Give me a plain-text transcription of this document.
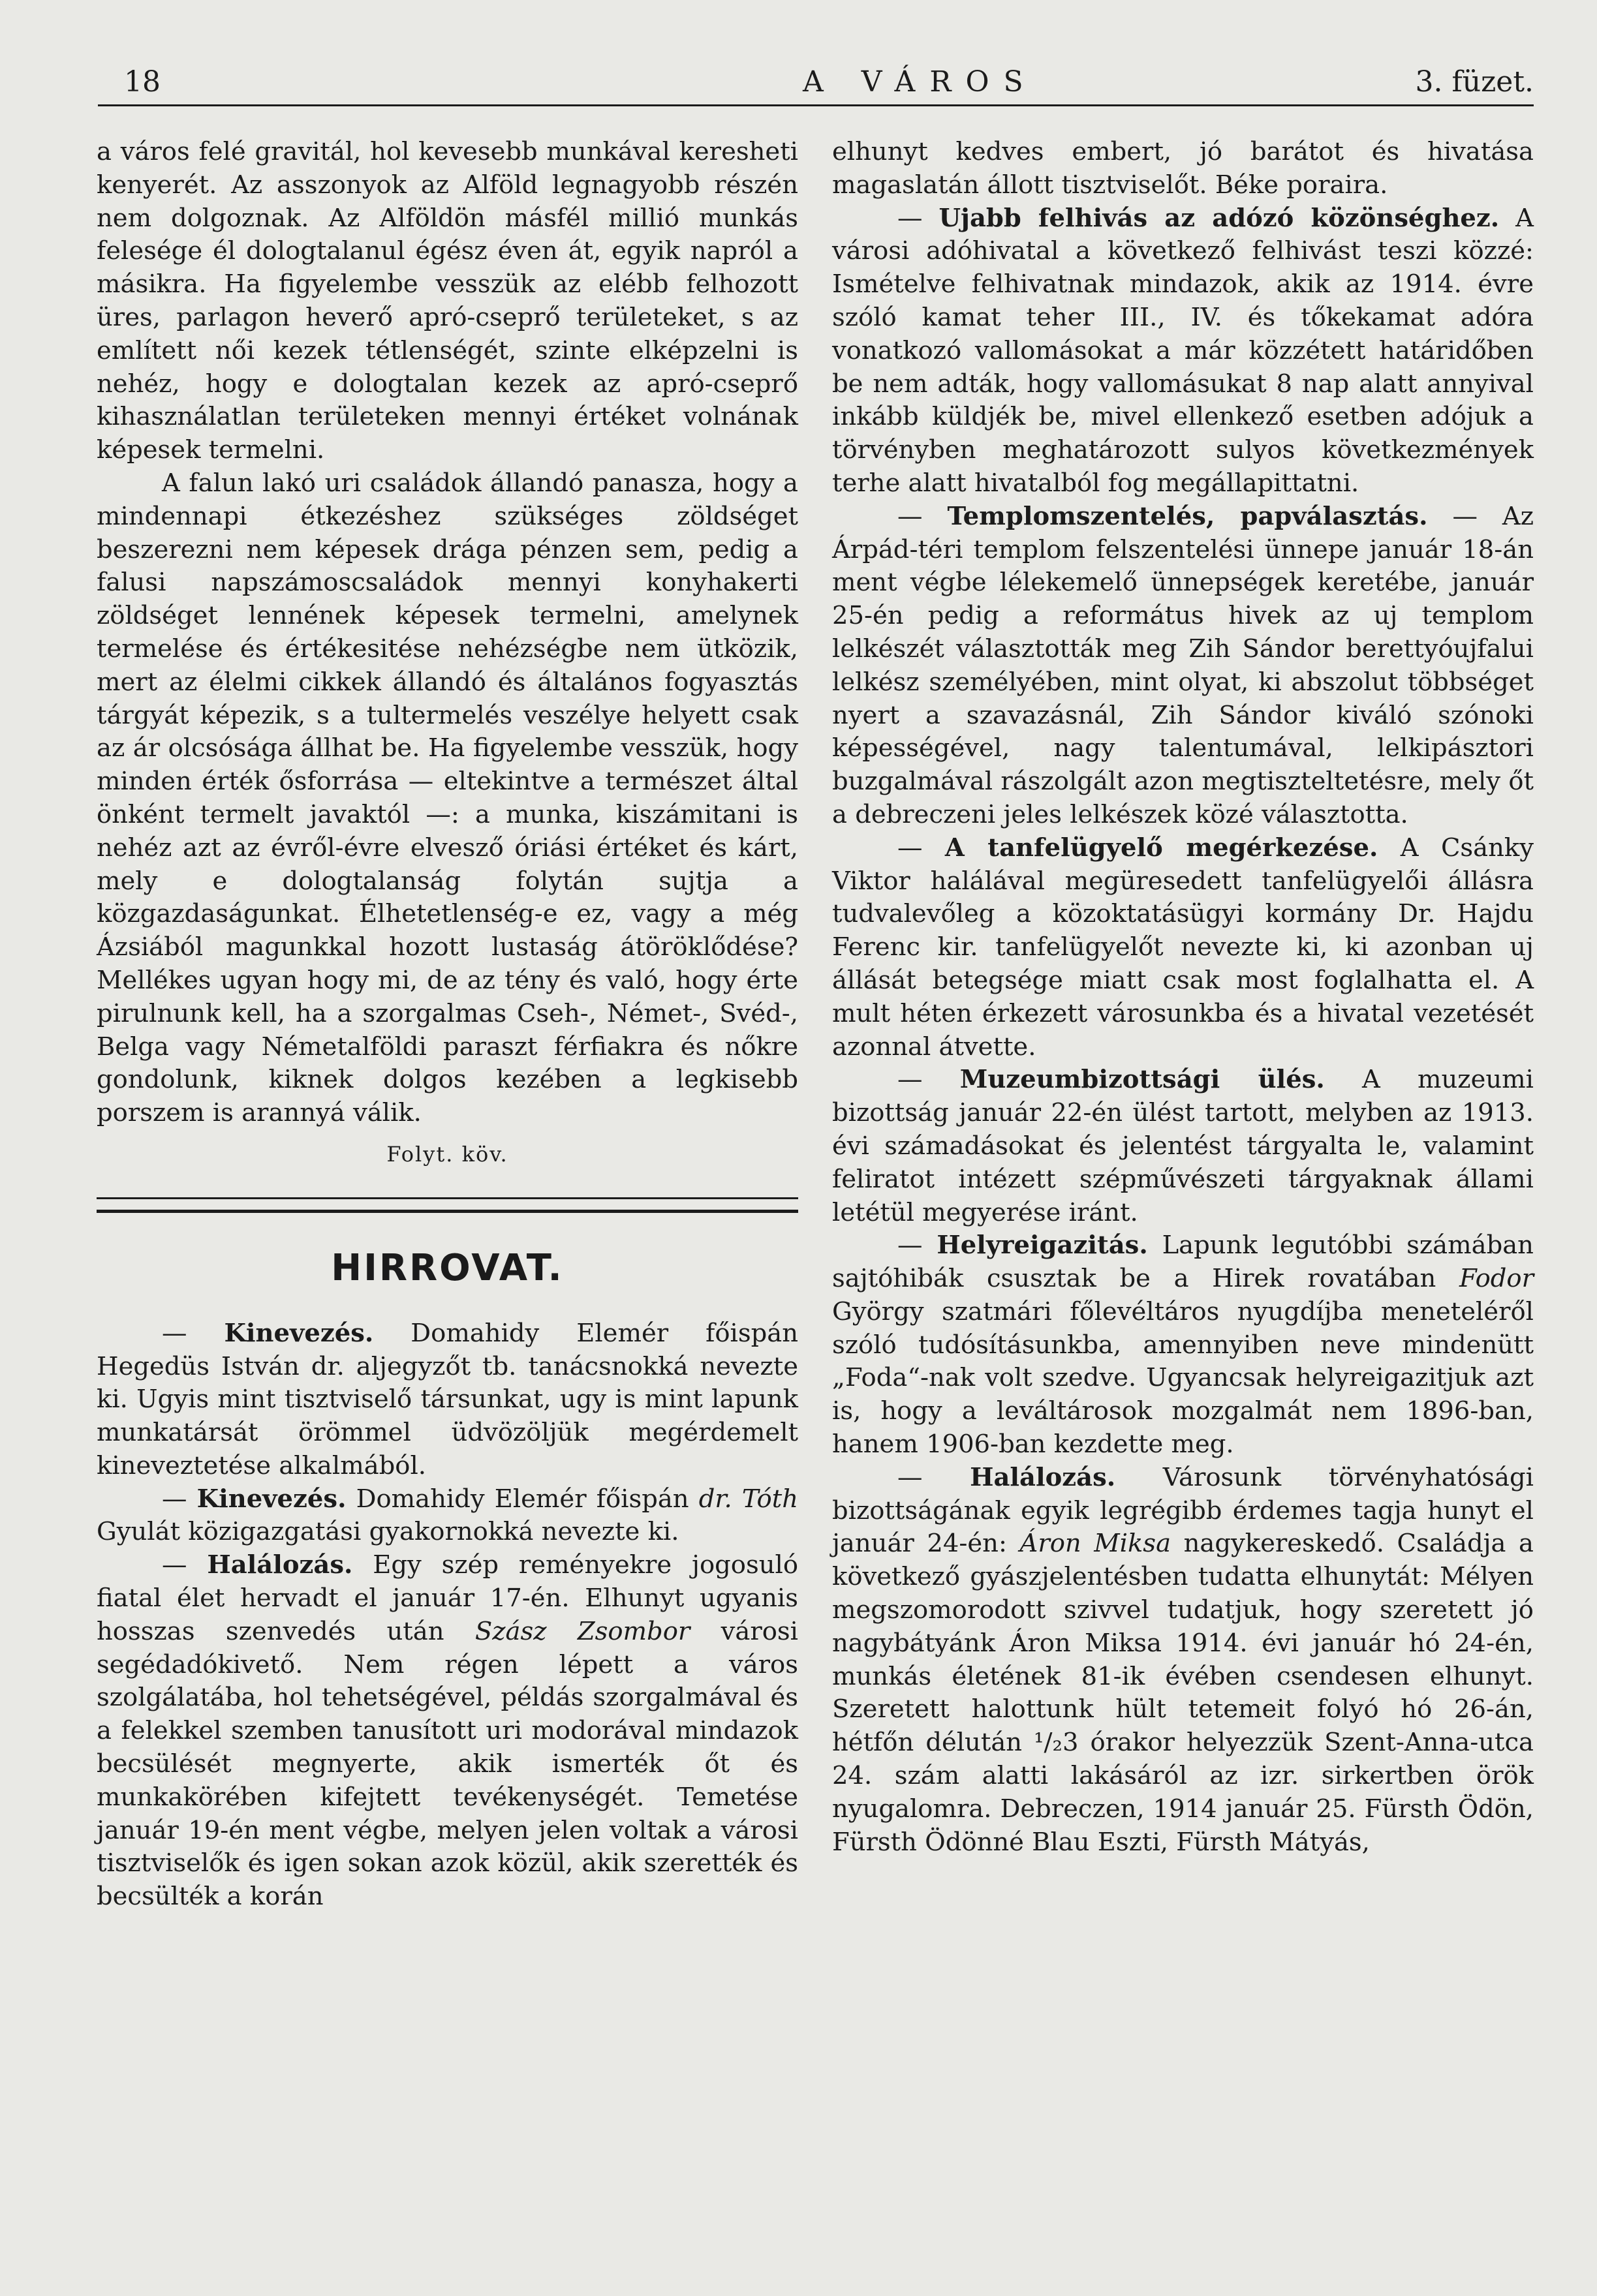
18	A VÁROS	3. füzet.

a város felé gravitál, hol kevesebb munkával keresheti kenyerét. Az asszonyok az Alföld legnagyobb részén nem dolgoznak. Az Alföldön másfél millió munkás felesége él dologtalanul égész éven át, egyik napról a másikra. Ha figyelembe vesszük az elébb felhozott üres, parlagon heverő apró-cseprő területeket, s az említett női kezek tétlenségét, szinte elképzelni is nehéz, hogy e dologtalan kezek az apró-cseprő kihasználatlan területeken mennyi értéket volnának képesek termelni.

A falun lakó uri családok állandó panasza, hogy a mindennapi étkezéshez szükséges zöldséget beszerezni nem képesek drága pénzen sem, pedig a falusi napszámoscsaládok mennyi konyhakerti zöldséget lennének képesek termelni, amelynek termelése és értékesitése nehézségbe nem ütközik, mert az élelmi cikkek állandó és általános fogyasztás tárgyát képezik, s a tultermelés veszélye helyett csak az ár olcsósága állhat be. Ha figyelembe vesszük, hogy minden érték ősforrása — eltekintve a természet által önként termelt javaktól —: a munka, kiszámitani is nehéz azt az évről-évre elvesző óriási értéket és kárt, mely e dologtalanság folytán sujtja a közgazdaságunkat. Élhetetlenség-e ez, vagy a még Ázsiából magunkkal hozott lustaság átöröklődése? Mellékes ugyan hogy mi, de az tény és való, hogy érte pirulnunk kell, ha a szorgalmas Cseh-, Német-, Svéd-, Belga vagy Németalföldi paraszt férfiakra és nőkre gondolunk, kiknek dolgos kezében a legkisebb porszem is arannyá válik.

Folyt. köv.
HIRROVAT.

— Kinevezés. Domahidy Elemér főispán Hegedüs István dr. aljegyzőt tb. tanácsnokká nevezte ki. Ugyis mint tisztviselő társunkat, ugy is mint lapunk munkatársát örömmel üdvözöljük megérdemelt kineveztetése alkalmából.

— Kinevezés. Domahidy Elemér főispán dr. Tóth Gyulát közigazgatási gyakornokká nevezte ki.

— Halálozás. Egy szép reményekre jogosuló fiatal élet hervadt el január 17-én. Elhunyt ugyanis hosszas szenvedés után Szász Zsombor városi segédadókivető. Nem régen lépett a város szolgálatába, hol tehetségével, példás szorgalmával és a felekkel szemben tanusított uri modorával mindazok becsülését megnyerte, akik ismerték őt és munkakörében kifejtett tevékenységét. Temetése január 19-én ment végbe, melyen jelen voltak a városi tisztviselők és igen sokan azok közül, akik szerették és becsülték a korán

elhunyt kedves embert, jó barátot és hivatása magaslatán állott tisztviselőt. Béke poraira.

— Ujabb felhivás az adózó közönséghez. A városi adóhivatal a következő felhivást teszi közzé: Ismételve felhivatnak mindazok, akik az 1914. évre szóló kamat teher III., IV. és tőkekamat adóra vonatkozó vallomásokat a már közzétett határidőben be nem adták, hogy vallomásukat 8 nap alatt annyival inkább küldjék be, mivel ellenkező esetben adójuk a törvényben meghatározott sulyos következmények terhe alatt hivatalból fog megállapittatni.

— Templomszentelés, papválasztás. — Az Árpád-téri templom felszentelési ünnepe január 18-án ment végbe lélekemelő ünnepségek keretébe, január 25-én pedig a református hivek az uj templom lelkészét választották meg Zih Sándor berettyóujfalui lelkész személyében, mint olyat, ki abszolut többséget nyert a szavazásnál, Zih Sándor kiváló szónoki képességével, nagy talentumával, lelkipásztori buzgalmával rászolgált azon megtiszteltetésre, mely őt a debreczeni jeles lelkészek közé választotta.

— A tanfelügyelő megérkezése. A Csánky Viktor halálával megüresedett tanfelügyelői állásra tudvalevőleg a közoktatásügyi kormány Dr. Hajdu Ferenc kir. tanfelügyelőt nevezte ki, ki azonban uj állását betegsége miatt csak most foglalhatta el. A mult héten érkezett városunkba és a hivatal vezetését azonnal átvette.

— Muzeumbizottsági ülés. A muzeumi bizottság január 22-én ülést tartott, melyben az 1913. évi számadásokat és jelentést tárgyalta le, valamint feliratot intézett szépművészeti tárgyaknak állami letétül megyerése iránt.

— Helyreigazitás. Lapunk legutóbbi számában sajtóhibák csusztak be a Hirek rovatában Fodor György szatmári főlevéltáros nyugdíjba meneteléről szóló tudósításunkba, amennyiben neve mindenütt „Foda“-nak volt szedve. Ugyancsak helyreigazitjuk azt is, hogy a leváltárosok mozgalmát nem 1896-ban, hanem 1906-ban kezdette meg.

— Halálozás. Városunk törvényhatósági bizottságának egyik legrégibb érdemes tagja hunyt el január 24-én: Áron Miksa nagykereskedő. Családja a következő gyászjelentésben tudatta elhunytát: Mélyen megszomorodott szivvel tudatjuk, hogy szeretett jó nagybátyánk Áron Miksa 1914. évi január hó 24-én, munkás életének 81-ik évében csendesen elhunyt. Szeretett halottunk hült tetemeit folyó hó 26-án, hétfőn délután ¹/₂3 órakor helyezzük Szent-Anna-utca 24. szám alatti lakásáról az izr. sirkertben örök nyugalomra. Debreczen, 1914 január 25. Fürsth Ödön, Fürsth Ödönné Blau Eszti, Fürsth Mátyás,
